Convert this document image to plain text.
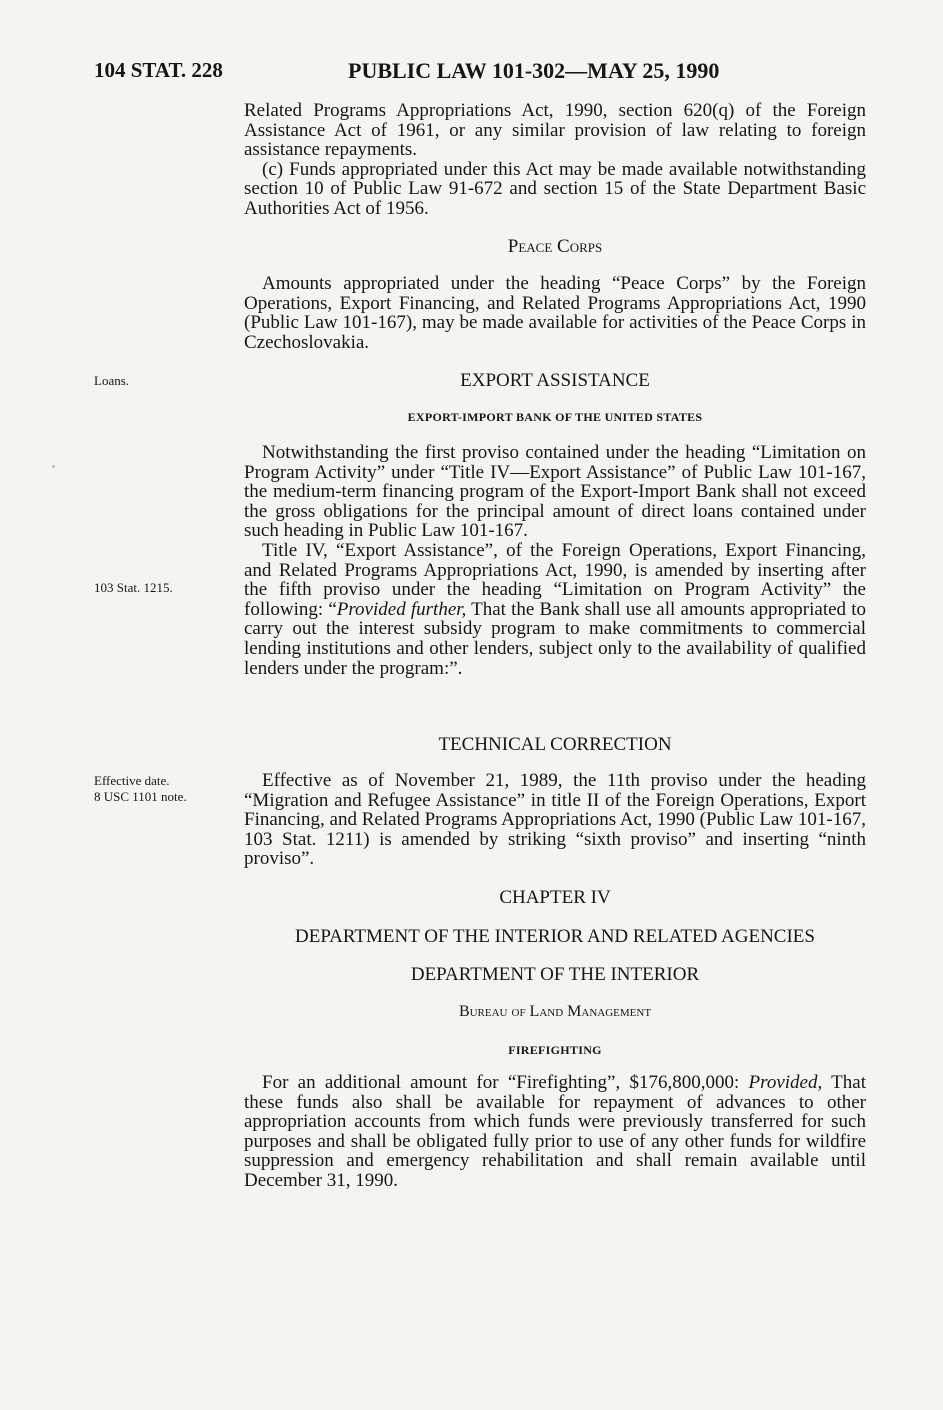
104 STAT. 228	PUBLIC LAW 101-302—MAY 25, 1990

Related Programs Appropriations Act, 1990, section 620(q) of the Foreign Assistance Act of 1961, or any similar provision of law relating to foreign assistance repayments.

(c) Funds appropriated under this Act may be made available notwithstanding section 10 of Public Law 91-672 and section 15 of the State Department Basic Authorities Act of 1956.

Peace Corps

Amounts appropriated under the heading “Peace Corps” by the Foreign Operations, Export Financing, and Related Programs Appropriations Act, 1990 (Public Law 101-167), may be made available for activities of the Peace Corps in Czechoslovakia.

Loans.	EXPORT ASSISTANCE
EXPORT-IMPORT BANK OF THE UNITED STATES

Notwithstanding the first proviso contained under the heading “Limitation on Program Activity” under “Title IV—Export Assistance” of Public Law 101-167, the medium-term financing program of the Export-Import Bank shall not exceed the gross obligations for the principal amount of direct loans contained under such heading in Public Law 101-167.

Title IV, “Export Assistance”, of the Foreign Operations, Export Financing, and Related Programs Appropriations Act, 1990, is amended by inserting after the fifth proviso under the heading “Limitation on Program Activity” the following: “Provided further, That the Bank shall use all amounts appropriated to carry out the interest subsidy program to make commitments to commercial lending institutions and other lenders, subject only to the availability of qualified lenders under the program:”.

103 Stat. 1215.
TECHNICAL CORRECTION
Effective date.
8 USC 1101 note.

Effective as of November 21, 1989, the 11th proviso under the heading “Migration and Refugee Assistance” in title II of the Foreign Operations, Export Financing, and Related Programs Appropriations Act, 1990 (Public Law 101-167, 103 Stat. 1211) is amended by striking “sixth proviso” and inserting “ninth proviso”.

CHAPTER IV
DEPARTMENT OF THE INTERIOR AND RELATED AGENCIES
DEPARTMENT OF THE INTERIOR
Bureau of Land Management
FIREFIGHTING

For an additional amount for “Firefighting”, $176,800,000: Provided, That these funds also shall be available for repayment of advances to other appropriation accounts from which funds were previously transferred for such purposes and shall be obligated fully prior to use of any other funds for wildfire suppression and emergency rehabilitation and shall remain available until December 31, 1990.
